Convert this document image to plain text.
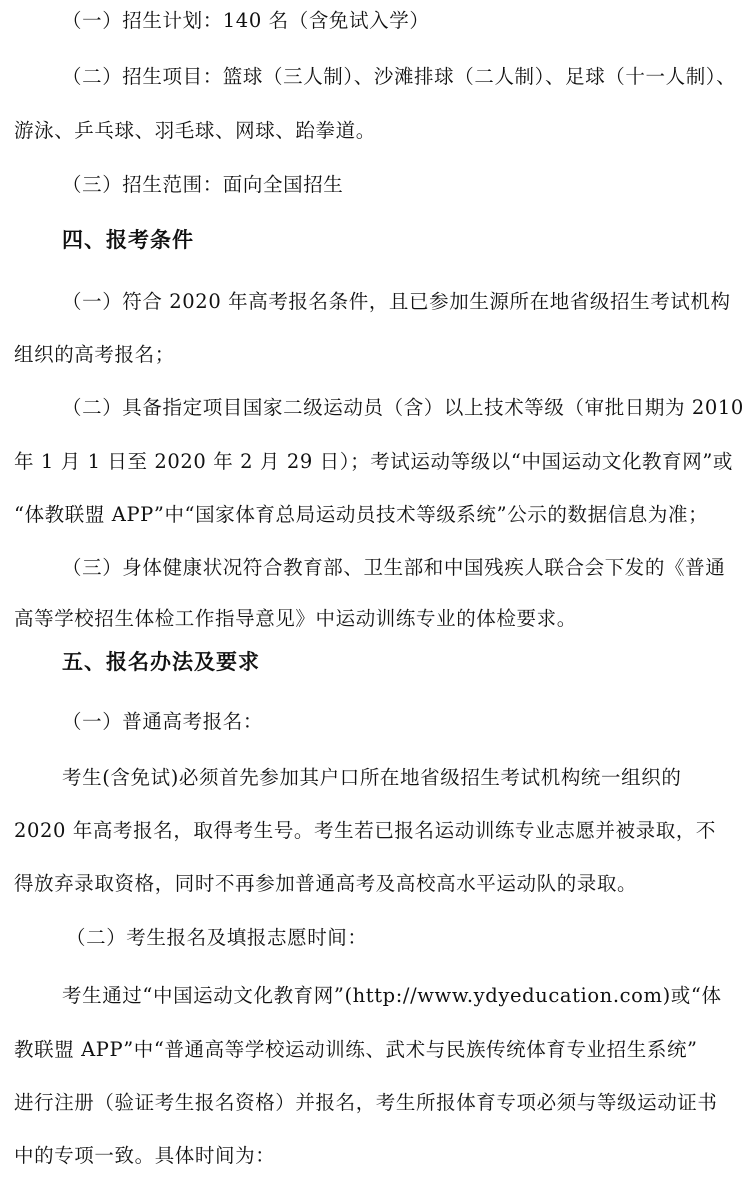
（一）招生计划：140 名（含免试入学）
（二）招生项目：篮球（三人制）、沙滩排球（二人制）、足球（十一人制）、
游泳、乒乓球、羽毛球、网球、跆拳道。
（三）招生范围：面向全国招生
四、报考条件
（一）符合 2020 年高考报名条件，且已参加生源所在地省级招生考试机构
组织的高考报名；
（二）具备指定项目国家二级运动员（含）以上技术等级（审批日期为 2010
年 1 月 1 日至 2020 年 2 月 29 日）；考试运动等级以“中国运动文化教育网”或
“体教联盟 APP”中“国家体育总局运动员技术等级系统”公示的数据信息为准；
（三）身体健康状况符合教育部、卫生部和中国残疾人联合会下发的《普通
高等学校招生体检工作指导意见》中运动训练专业的体检要求。
五、报名办法及要求
（一）普通高考报名：
考生(含免试)必须首先参加其户口所在地省级招生考试机构统一组织的
2020 年高考报名，取得考生号。考生若已报名运动训练专业志愿并被录取，不
得放弃录取资格，同时不再参加普通高考及高校高水平运动队的录取。
（二）考生报名及填报志愿时间：
考生通过“中国运动文化教育网”(http://www.ydyeducation.com)或“体
教联盟 APP”中“普通高等学校运动训练、武术与民族传统体育专业招生系统”
进行注册（验证考生报名资格）并报名，考生所报体育专项必须与等级运动证书
中的专项一致。具体时间为：
